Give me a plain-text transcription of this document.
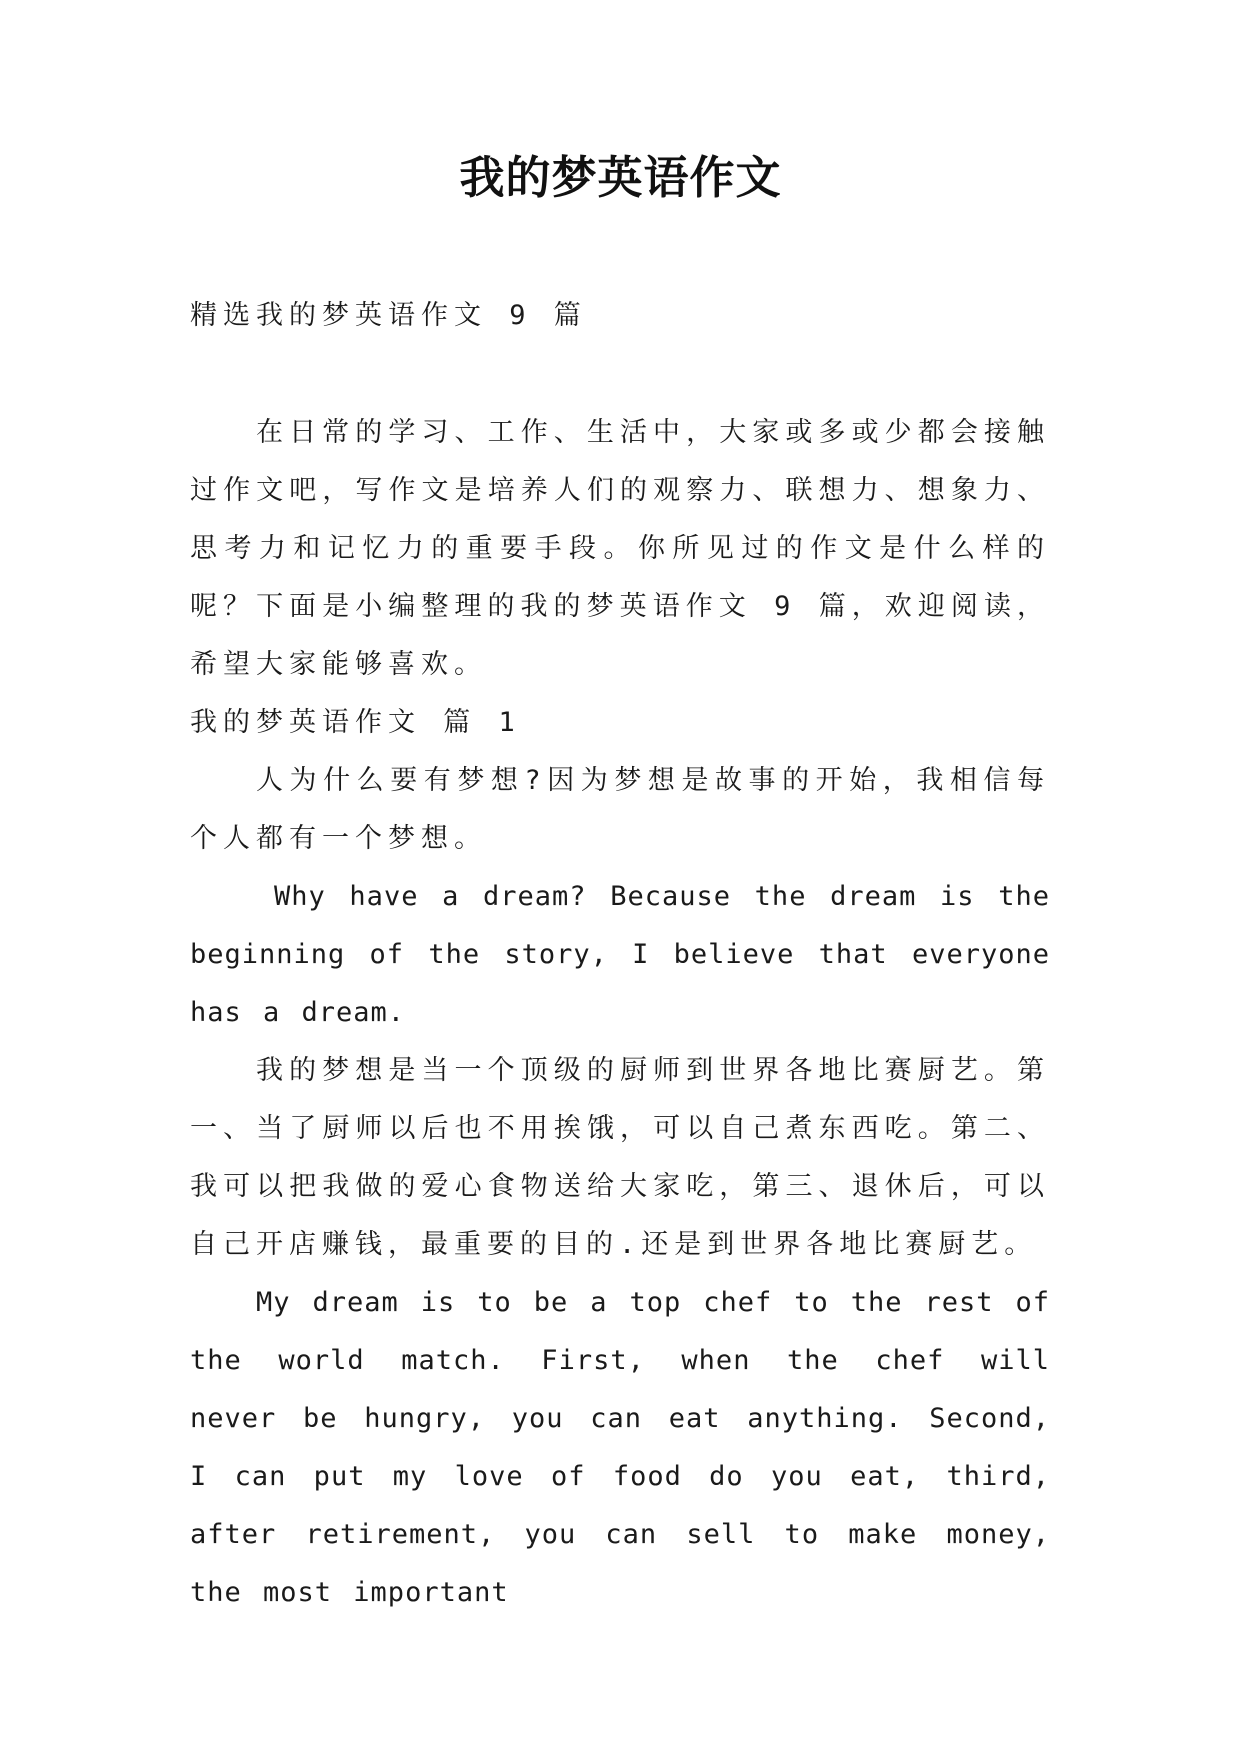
我的梦英语作文
精选我的梦英语作文 9 篇
在日常的学习、工作、生活中，大家或多或少都会接触过作文吧，写作文是培养人们的观察力、联想力、想象力、思考力和记忆力的重要手段。你所见过的作文是什么样的呢？下面是小编整理的我的梦英语作文 9 篇，欢迎阅读，希望大家能够喜欢。
我的梦英语作文 篇 1
人为什么要有梦想?因为梦想是故事的开始，我相信每个人都有一个梦想。
Why have a dream? Because the dream is the beginning of the story, I believe that everyone has a dream.
我的梦想是当一个顶级的厨师到世界各地比赛厨艺。第一、当了厨师以后也不用挨饿，可以自己煮东西吃。第二、我可以把我做的爱心食物送给大家吃，第三、退休后，可以自己开店赚钱，最重要的目的.还是到世界各地比赛厨艺。
My dream is to be a top chef to the rest of the world match. First, when the chef will never be hungry, you can eat anything. Second, I can put my love of food do you eat, third, after retirement, you can sell to make money, the most important
